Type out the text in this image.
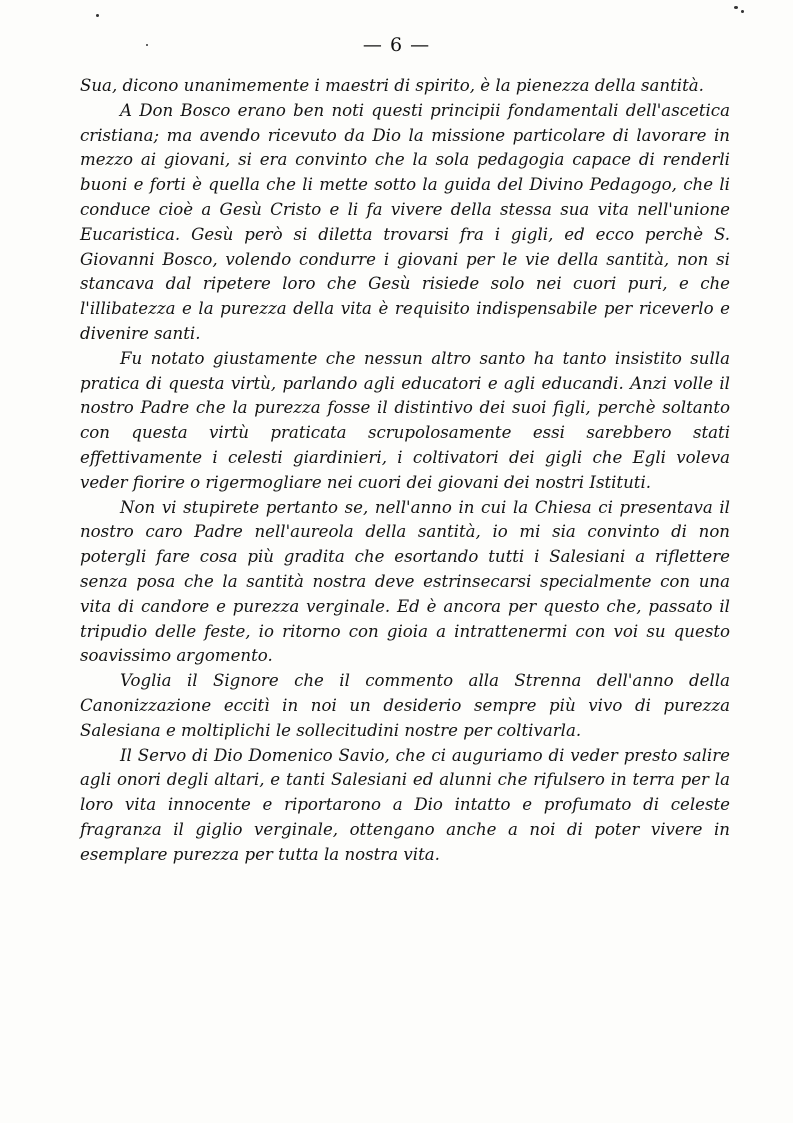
— 6 —

Sua, dicono unanimemente i maestri di spirito, è la pienezza della santità.

A Don Bosco erano ben noti questi principii fondamentali dell'ascetica cristiana; ma avendo ricevuto da Dio la missione particolare di lavorare in mezzo ai giovani, si era convinto che la sola pedagogia capace di renderli buoni e forti è quella che li mette sotto la guida del Divino Pedagogo, che li conduce cioè a Gesù Cristo e li fa vivere della stessa sua vita nell'unione Eucaristica. Gesù però si diletta trovarsi fra i gigli, ed ecco perchè S. Giovanni Bosco, volendo condurre i giovani per le vie della santità, non si stancava dal ripetere loro che Gesù risiede solo nei cuori puri, e che l'illibatezza e la purezza della vita è requisito indispensabile per riceverlo e divenire santi.

Fu notato giustamente che nessun altro santo ha tanto insistito sulla pratica di questa virtù, parlando agli educatori e agli educandi. Anzi volle il nostro Padre che la purezza fosse il distintivo dei suoi figli, perchè soltanto con questa virtù praticata scrupolosamente essi sarebbero stati effettivamente i celesti giardinieri, i coltivatori dei gigli che Egli voleva veder fiorire o rigermogliare nei cuori dei giovani dei nostri Istituti.

Non vi stupirete pertanto se, nell'anno in cui la Chiesa ci presentava il nostro caro Padre nell'aureola della santità, io mi sia convinto di non potergli fare cosa più gradita che esortando tutti i Salesiani a riflettere senza posa che la santità nostra deve estrinsecarsi specialmente con una vita di candore e purezza verginale. Ed è ancora per questo che, passato il tripudio delle feste, io ritorno con gioia a intrattenermi con voi su questo soavissimo argomento.

Voglia il Signore che il commento alla Strenna dell'anno della Canonizzazione eccitì in noi un desiderio sempre più vivo di purezza Salesiana e moltiplichi le sollecitudini nostre per coltivarla.

Il Servo di Dio Domenico Savio, che ci auguriamo di veder presto salire agli onori degli altari, e tanti Salesiani ed alunni che rifulsero in terra per la loro vita innocente e riportarono a Dio intatto e profumato di celeste fragranza il giglio verginale, ottengano anche a noi di poter vivere in esemplare purezza per tutta la nostra vita.
